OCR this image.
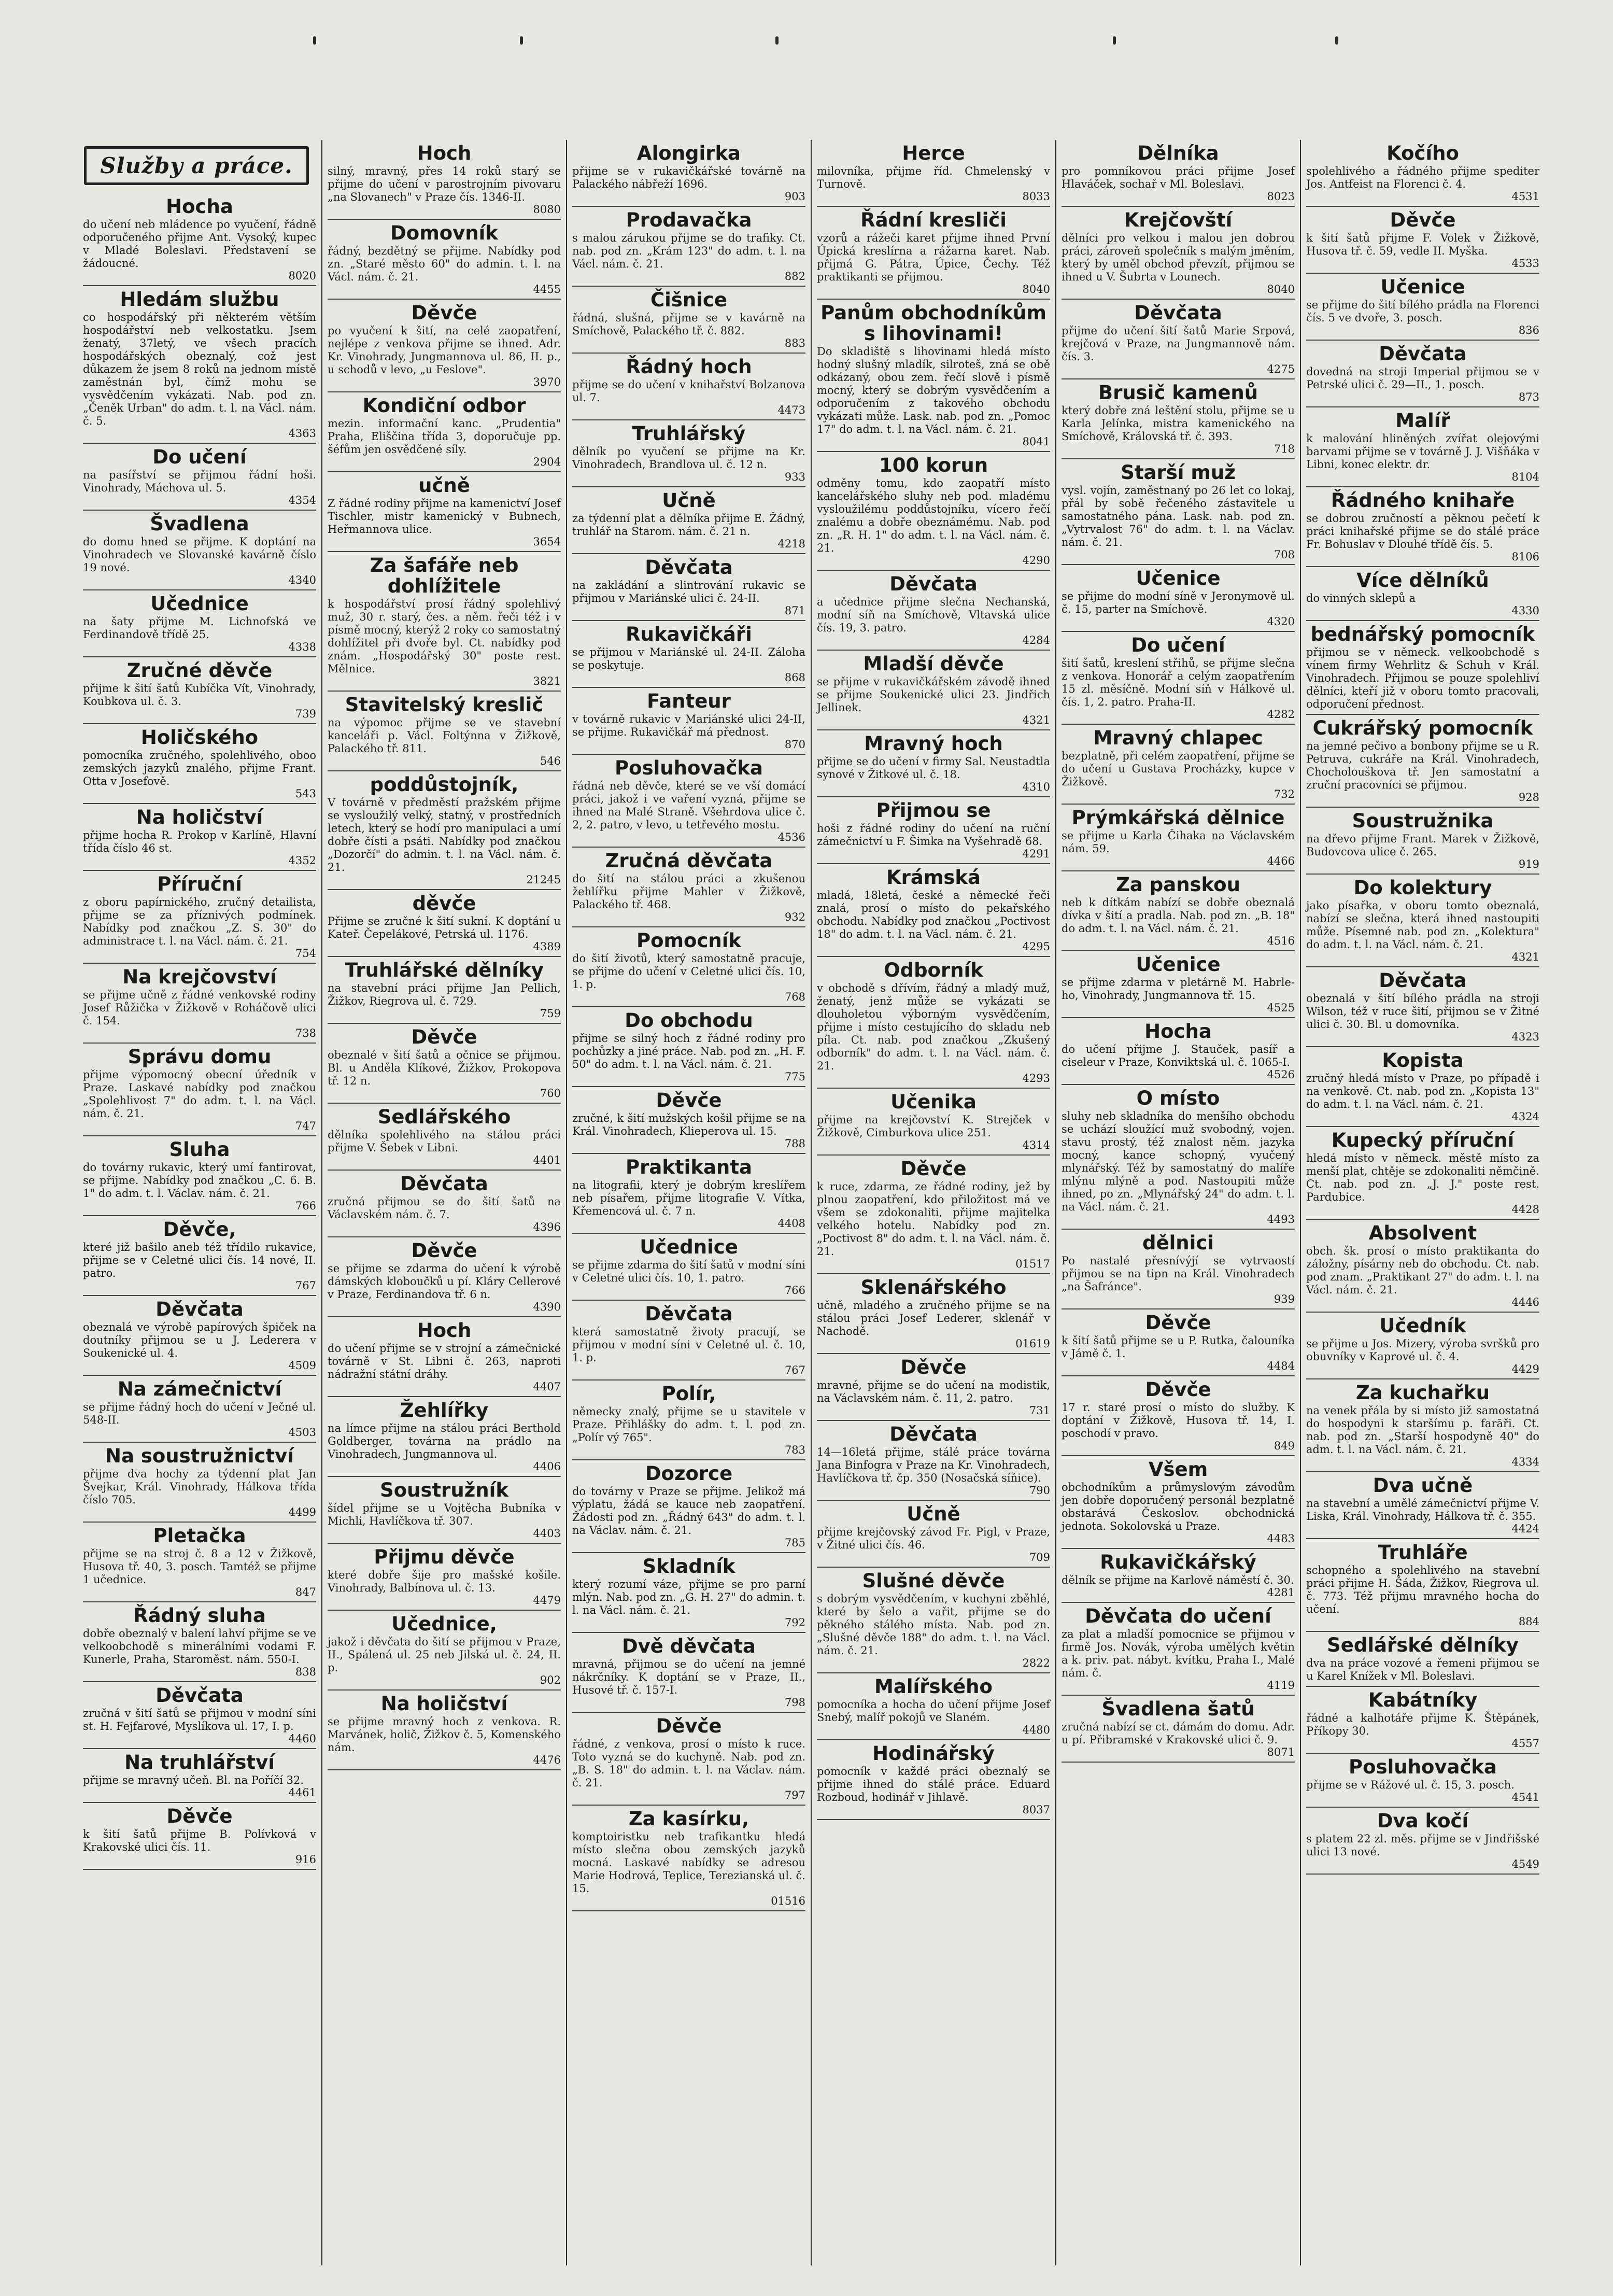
Služby a práce.
Hocha
do učení neb mládence po vyučení, řádně odporučeného přijme Ant. Vysoký, kupec v Mladé Boleslavi. Představení se žádoucné.
8020
Hledám službu
co hospodářský při některém větším hospodářství neb velkostatku. Jsem ženatý, 37letý, ve všech pracích hospodářských obeznalý, což jest důkazem že jsem 8 roků na jednom místě zaměstnán byl, čímž mohu se vysvědčením vykázati. Nab. pod zn. „Čeněk Urban" do adm. t. l. na Václ. nám. č. 5.
4363
Do učení
na pasířství se přijmou řádní hoši. Vinohrady, Máchova ul. 5.
4354
Švadlena
do domu hned se přijme. K doptání na Vinohradech ve Slovanské kavárně číslo 19 nové.
4340
Učednice
na šaty přijme M. Lichnofská ve Ferdinandově třídě 25.
4338
Zručné děvče
přijme k šití šatů Kubíčka Vít, Vinohrady, Koubkova ul. č. 3.
739
Holičského
pomocníka zručného, spolehlivého, oboo zemských jazyků znalého, přijme Frant. Otta v Josefově.
543
Na holičství
přijme hocha R. Prokop v Karlíně, Hlavní třída číslo 46 st.
4352
Příruční
z oboru papírnického, zručný detailista, přijme se za příznivých podmínek. Nabídky pod značkou „Z. S. 30" do administrace t. l. na Václ. nám. č. 21.
754
Na krejčovství
se přijme učně z řádné venkovské rodiny Josef Růžička v Žižkově v Roháčově ulici č. 154.
738
Správu domu
přijme výpomocný obecní úředník v Praze. Laskavé nabídky pod značkou „Spolehlivost 7" do adm. t. l. na Václ. nám. č. 21.
747
Sluha
do továrny rukavic, který umí fantirovat, se přijme. Nabídky pod značkou „C. 6. B. 1" do adm. t. l. Václav. nám. č. 21.
766
Děvče,
které již bašilo aneb též třídilo rukavice, přijme se v Celetné ulici čís. 14 nové, II. patro.
767
Děvčata
obeznalá ve výrobě papírových špiček na doutníky přijmou se u J. Lederera v Soukenické ul. 4.
4509
Na zámečnictví
se přijme řádný hoch do učení v Ječné ul. 548-II.
4503
Na soustružnictví
přijme dva hochy za týdenní plat Jan Švejkar, Král. Vinohrady, Hálkova třída číslo 705.
4499
Pletačka
přijme se na stroj č. 8 a 12 v Žižkově, Husova tř. 40, 3. posch. Tamtéž se přijme 1 učednice.
847
Řádný sluha
dobře obeznalý v balení lahví přijme se ve velkoobchodě s minerálními vodami F. Kunerle, Praha, Staroměst. nám. 550-I.
838
Děvčata
zručná v šití šatů se přijmou v modní síni st. H. Fejfarové, Myslíkova ul. 17, I. p.
4460
Na truhlářství
přijme se mravný učeň. Bl. na Poříčí 32.
4461
Děvče
k šití šatů přijme B. Polívková v Krakovské ulici čís. 11.
916
Hoch
silný, mravný, přes 14 roků starý se přijme do učení v parostrojním pivovaru „na Slovanech" v Praze čís. 1346-II.
8080
Domovník
řádný, bezdětný se přijme. Nabídky pod zn. „Staré město 60" do admin. t. l. na Václ. nám. č. 21.
4455
Děvče
po vyučení k šití, na celé zaopatření, nejlépe z venkova přijme se ihned. Adr. Kr. Vinohrady, Jungmannova ul. 86, II. p., u schodů v levo, „u Feslove".
3970
Kondiční odbor
mezin. informační kanc. „Prudentia" Praha, Eliščina třída 3, doporučuje pp. šéfům jen osvědčené síly.
2904
učně
Z řádné rodiny přijme na kamenictví Josef Tischler, mistr kamenický v Bubnech, Heřmannova ulice.
3654
Za šafáře neb dohlížitele
k hospodářství prosí řádný spolehlivý muž, 30 r. starý, čes. a něm. řeči též i v písmě mocný, kterýž 2 roky co samostatný dohlížitel při dvoře byl. Ct. nabídky pod znám. „Hospodářský 30" poste rest. Mělnice.
3821
Stavitelský kreslič
na výpomoc přijme se ve stavební kanceláři p. Václ. Foltýnna v Žižkově, Palackého tř. 811.
546
poddůstojník,
V továrně v předměstí pražském přijme se vysloužilý velký, statný, v prostředních letech, který se hodí pro manipulaci a umí dobře čísti a psáti. Nabídky pod značkou „Dozorčí" do admin. t. l. na Václ. nám. č. 21.
21245
děvče
Přijme se zručné k šití sukní. K doptání u Kateř. Čepelákové, Petrská ul. 1176.
4389
Truhlářské dělníky
na stavební práci přijme Jan Pellich, Žižkov, Riegrova ul. č. 729.
759
Děvče
obeznalé v šití šatů a očnice se přijmou. Bl. u Anděla Klíkové, Žižkov, Prokopova tř. 12 n.
760
Sedlářského
dělníka spolehlivého na stálou práci přijme V. Šebek v Libni.
4401
Děvčata
zručná přijmou se do šití šatů na Václavském nám. č. 7.
4396
Děvče
se přijme se zdarma do učení k výrobě dámských kloboučků u pí. Kláry Cellerové v Praze, Ferdinandova tř. 6 n.
4390
Hoch
do učení přijme se v strojní a zámečnické továrně v St. Libni č. 263, naproti nádražní státní dráhy.
4407
Žehlířky
na límce přijme na stálou práci Berthold Goldberger, továrna na prádlo na Vinohradech, Jungmannova ul.
4406
Soustružník
šídel přijme se u Vojtěcha Bubníka v Michli, Havlíčkova tř. 307.
4403
Přijmu děvče
které dobře šije pro mašské košile. Vinohrady, Balbínova ul. č. 13.
4479
Učednice,
jakož i děvčata do šití se přijmou v Praze, II., Spálená ul. 25 neb Jilská ul. č. 24, II. p.
902
Na holičství
se přijme mravný hoch z venkova. R. Marvánek, holič, Žižkov č. 5, Komenského nám.
4476
Alongirka
přijme se v rukavičkářské továrně na Palackého nábřeží 1696.
903
Prodavačka
s malou zárukou přijme se do trafiky. Ct. nab. pod zn. „Krám 123" do adm. t. l. na Václ. nám. č. 21.
882
Čišnice
řádná, slušná, přijme se v kavárně na Smíchově, Palackého tř. č. 882.
883
Řádný hoch
přijme se do učení v knihařství Bolzanova ul. 7.
4473
Truhlářský
dělník po vyučení se přijme na Kr. Vinohradech, Brandlova ul. č. 12 n.
933
Učně
za týdenní plat a dělníka přijme E. Žádný, truhlář na Starom. nám. č. 21 n.
4218
Děvčata
na zakládání a slintrování rukavic se přijmou v Mariánské ulici č. 24-II.
871
Rukavičkáři
se přijmou v Mariánské ul. 24-II. Záloha se poskytuje.
868
Fanteur
v továrně rukavic v Mariánské ulici 24-II, se přijme. Rukavičkář má přednost.
870
Posluhovačka
řádná neb děvče, které se ve vší domácí práci, jakož i ve vaření vyzná, přijme se ihned na Malé Straně. Všehrdova ulice č. 2, 2. patro, v levo, u tetřevého mostu.
4536
Zručná děvčata
do šití na stálou práci a zkušenou žehlířku přijme Mahler v Žižkově, Palackého tř. 468.
932
Pomocník
do šití životů, který samostatně pracuje, se přijme do učení v Celetné ulici čís. 10, 1. p.
768
Do obchodu
přijme se silný hoch z řádné rodiny pro pochůzky a jiné práce. Nab. pod zn. „H. F. 50" do adm. t. l. na Václ. nám. č. 21.
775
Děvče
zručné, k šití mužských košil přijme se na Král. Vinohradech, Klieperova ul. 15.
788
Praktikanta
na litografii, který je dobrým kreslířem neb písařem, přijme litografie V. Vítka, Křemencová ul. č. 7 n.
4408
Učednice
se přijme zdarma do šití šatů v modní síni v Celetné ulici čís. 10, 1. patro.
766
Děvčata
která samostatně životy pracují, se přijmou v modní síni v Celetné ul. č. 10, 1. p.
767
Polír,
německy znalý, přijme se u stavitele v Praze. Přihlášky do adm. t. l. pod zn. „Polír vý 765".
783
Dozorce
do továrny v Praze se přijme. Jelikož má výplatu, žádá se kauce neb zaopatření. Žádosti pod zn. „Řádný 643" do adm. t. l. na Václav. nám. č. 21.
785
Skladník
který rozumí váze, přijme se pro parní mlýn. Nab. pod zn. „G. H. 27" do admin. t. l. na Václ. nám. č. 21.
792
Dvě děvčata
mravná, přijmou se do učení na jemné nákrčníky. K doptání se v Praze, II., Husové tř. č. 157-I.
798
Děvče
řádné, z venkova, prosí o místo k ruce. Toto vyzná se do kuchyně. Nab. pod zn. „B. S. 18" do admin. t. l. na Václav. nám. č. 21.
797
Za kasírku,
komptoiristku neb trafikantku hledá místo slečna obou zemských jazyků mocná. Laskavé nabídky se adresou Marie Hodrová, Teplice, Terezianská ul. č. 15.
01516
Herce
milovníka, přijme říd. Chmelenský v Turnově.
8033
Řádní kresliči
vzorů a rážeči karet přijme ihned První Úpická kreslírna a rážarna karet. Nab. přijmá G. Pátra, Úpice, Čechy. Též praktikanti se přijmou.
8040
Panům obchodníkům s lihovinami!
Do skladiště s lihovinami hledá místo hodný slušný mladík, silroteš, zná se obě odkázaný, obou zem. řečí slově i písmě mocný, který se dobrým vysvědčením a odporučením z takového obchodu vykázati může. Lask. nab. pod zn. „Pomoc 17" do adm. t. l. na Václ. nám. č. 21.
8041
100 korun
odměny tomu, kdo zaopatří místo kancelářského sluhy neb pod. mladému vysloužilému poddůstojníku, vícero řečí znalému a dobře obeznámému. Nab. pod zn. „R. H. 1" do adm. t. l. na Václ. nám. č. 21.
4290
Děvčata
a učednice přijme slečna Nechanská, modní síň na Smíchově, Vltavská ulice čís. 19, 3. patro.
4284
Mladší děvče
se přijme v rukavičkářském závodě ihned se přijme Soukenické ulici 23. Jindřich Jellinek.
4321
Mravný hoch
přijme se do učení v firmy Sal. Neustadtla synové v Žitkové ul. č. 18.
4310
Přijmou se
hoši z řádné rodiny do učení na ruční zámečnictví u F. Šimka na Vyšehradě 68.
4291
Krámská
mladá, 18letá, české a německé řeči znalá, prosí o místo do pekařského obchodu. Nabídky pod značkou „Poctivost 18" do adm. t. l. na Václ. nám. č. 21.
4295
Odborník
v obchodě s dřívím, řádný a mladý muž, ženatý, jenž může se vykázati se dlouholetou výborným vysvědčením, přijme i místo cestujícího do skladu neb píla. Ct. nab. pod značkou „Zkušený odborník" do adm. t. l. na Václ. nám. č. 21.
4293
Učenika
přijme na krejčovství K. Strejček v Žižkově, Cimburkova ulice 251.
4314
Děvče
k ruce, zdarma, ze řádné rodiny, jež by plnou zaopatření, kdo přiložitost má ve všem se zdokonaliti, přijme majitelka velkého hotelu. Nabídky pod zn. „Poctivost 8" do adm. t. l. na Václ. nám. č. 21.
01517
Sklenářského
učně, mladého a zručného přijme se na stálou práci Josef Lederer, sklenář v Nachodě.
01619
Děvče
mravné, přijme se do učení na modistik, na Václavském nám. č. 11, 2. patro.
731
Děvčata
14—16letá přijme, stálé práce továrna Jana Binfogra v Praze na Kr. Vinohradech, Havlíčkova tř. čp. 350 (Nosačská síňice).
790
Učně
přijme krejčovský závod Fr. Pigl, v Praze, v Žitné ulici čís. 46.
709
Slušné děvče
s dobrým vysvědčením, v kuchyni zběhlé, které by šelo a vařit, přijme se do pěkného stálého místa. Nab. pod zn. „Slušné děvče 188" do adm. t. l. na Václ. nám. č. 21.
2822
Malířského
pomocníka a hocha do učení přijme Josef Snebý, malíř pokojů ve Slaném.
4480
Hodinářský
pomocník v každé práci obeznalý se přijme ihned do stálé práce. Eduard Rozboud, hodinář v Jihlavě.
8037
Dělníka
pro pomníkovou práci přijme Josef Hlaváček, sochař v Ml. Boleslavi.
8023
Krejčovští
dělníci pro velkou i malou jen dobrou práci, zároveň společník s malým jměním, který by uměl obchod převzít, přijmou se ihned u V. Šubrta v Lounech.
8040
Děvčata
přijme do učení šití šatů Marie Srpová, krejčová v Praze, na Jungmannově nám. čís. 3.
4275
Brusič kamenů
který dobře zná leštění stolu, přijme se u Karla Jelínka, mistra kamenického na Smíchově, Královská tř. č. 393.
718
Starší muž
vysl. vojín, zaměstnaný po 26 let co lokaj, přál by sobě řečeného zástavitele u samostatného pána. Lask. nab. pod zn. „Vytrvalost 76" do adm. t. l. na Václav. nám. č. 21.
708
Učenice
se přijme do modní síně v Jeronymově ul. č. 15, parter na Smíchově.
4320
Do učení
šití šatů, kreslení střihů, se přijme slečna z venkova. Honorář a celým zaopatřením 15 zl. měsíčně. Modní síň v Hálkově ul. čís. 1, 2. patro. Praha-II.
4282
Mravný chlapec
bezplatně, při celém zaopatření, přijme se do učení u Gustava Procházky, kupce v Žižkově.
732
Prýmkářská dělnice
se přijme u Karla Čihaka na Václavském nám. 59.
4466
Za panskou
neb k dítkám nabízí se dobře obeznalá dívka v šití a pradla. Nab. pod zn. „B. 18" do adm. t. l. na Václ. nám. č. 21.
4516
Učenice
se přijme zdarma v pletárně M. Habrle-ho, Vinohrady, Jungmannova tř. 15.
4525
Hocha
do učení přijme J. Stauček, pasíř a ciseleur v Praze, Konviktská ul. č. 1065-I.
4526
O místo
sluhy neb skladníka do menšího obchodu se uchází sloužící muž svobodný, vojen. stavu prostý, též znalost něm. jazyka mocný, kance schopný, vyučený mlynářský. Též by samostatný do malíře mlýnu mlýně a pod. Nastoupiti může ihned, po zn. „Mlynářský 24" do adm. t. l. na Václ. nám. č. 21.
4493
dělnici
Po nastalé přesnívýjí se vytrvaostí přijmou se na tipn na Král. Vinohradech „na Šafránce".
939
Děvče
k šití šatů přijme se u P. Rutka, čalouníka v Jámě č. 1.
4484
Děvče
17 r. staré prosí o místo do služby. K doptání v Žižkově, Husova tř. 14, I. poschodí v pravo.
849
Všem
obchodníkům a průmyslovým závodům jen dobře doporučený personál bezplatně obstarává Českoslov. obchodnická jednota. Sokolovská u Praze.
4483
Rukavičkářský
dělník se přijme na Karlově náměstí č. 30.
4281
Děvčata do učení
za plat a mladší pomocnice se přijmou v firmě Jos. Novák, výroba umělých květin a k. priv. pat. nábyt. kvítku, Praha I., Malé nám. č.
4119
Švadlena šatů
zručná nabízí se ct. dámám do domu. Adr. u pí. Přibramské v Krakovské ulici č. 9.
8071
Kočího
spolehlivého a řádného přijme spediter Jos. Antfeist na Florenci č. 4.
4531
Děvče
k šití šatů přijme F. Volek v Žižkově, Husova tř. č. 59, vedle II. Myška.
4533
Učenice
se přijme do šití bílého prádla na Florenci čís. 5 ve dvoře, 3. posch.
836
Děvčata
dovedná na stroji Imperial přijmou se v Petrské ulici č. 29—II., 1. posch.
873
Malíř
k malování hliněných zvířat olejovými barvami přijme se v továrně J. J. Višňáka v Libni, konec elektr. dr.
8104
Řádného knihaře
se dobrou zručností a pěknou pečetí k práci knihařské přijme se do stálé práce Fr. Bohuslav v Dlouhé třídě čís. 5.
8106
Více dělníků
do vinných sklepů a
4330
bednářský pomocník
přijmou se v německ. velkoobchodě s vínem firmy Wehrlitz & Schuh v Král. Vinohradech. Přijmou se pouze spolehliví dělníci, kteří již v oboru tomto pracovali, odporučení přednost.
Cukrářský pomocník
na jemné pečivo a bonbony přijme se u R. Petruva, cukráře na Král. Vinohradech, Chocholouškova tř. Jen samostatní a zruční pracovníci se přijmou.
928
Soustružnika
na dřevo přijme Frant. Marek v Žižkově, Budovcova ulice č. 265.
919
Do kolektury
jako písařka, v oboru tomto obeznalá, nabízí se slečna, která ihned nastoupiti může. Písemné nab. pod zn. „Kolektura" do adm. t. l. na Václ. nám. č. 21.
4321
Děvčata
obeznalá v šití bílého prádla na stroji Wilson, též v ruce šití, přijmou se v Žitné ulici č. 30. Bl. u domovníka.
4323
Kopista
zručný hledá místo v Praze, po případě i na venkově. Ct. nab. pod zn. „Kopista 13" do adm. t. l. na Václ. nám. č. 21.
4324
Kupecký příruční
hledá místo v německ. městě místo za menší plat, chtěje se zdokonaliti němčině. Ct. nab. pod zn. „J. J." poste rest. Pardubice.
4428
Absolvent
obch. šk. prosí o místo praktikanta do záložny, písárny neb do obchodu. Ct. nab. pod znam. „Praktikant 27" do adm. t. l. na Václ. nám. č. 21.
4446
Učedník
se přijme u Jos. Mizery, výroba svršků pro obuvníky v Kaprové ul. č. 4.
4429
Za kuchařku
na venek přála by si místo již samostatná do hospodyni k staršímu p. farāři. Ct. nab. pod zn. „Starší hospodyně 40" do adm. t. l. na Václ. nám. č. 21.
4334
Dva učně
na stavební a umělé zámečnictví přijme V. Liska, Král. Vinohrady, Hálkova tř. č. 355.
4424
Truhláře
schopného a spolehlivého na stavební práci přijme H. Šáda, Žižkov, Riegrova ul. č. 773. Též přijmu mravného hocha do učení.
884
Sedlářské dělníky
dva na práce vozové a řemeni přijmou se u Karel Knížek v Ml. Boleslavi.
Kabátníky
řádné a kalhotáře přijme K. Štěpánek, Příkopy 30.
4557
Posluhovačka
přijme se v Rážové ul. č. 15, 3. posch.
4541
Dva kočí
s platem 22 zl. měs. přijme se v Jindřišské ulici 13 nové.
4549
